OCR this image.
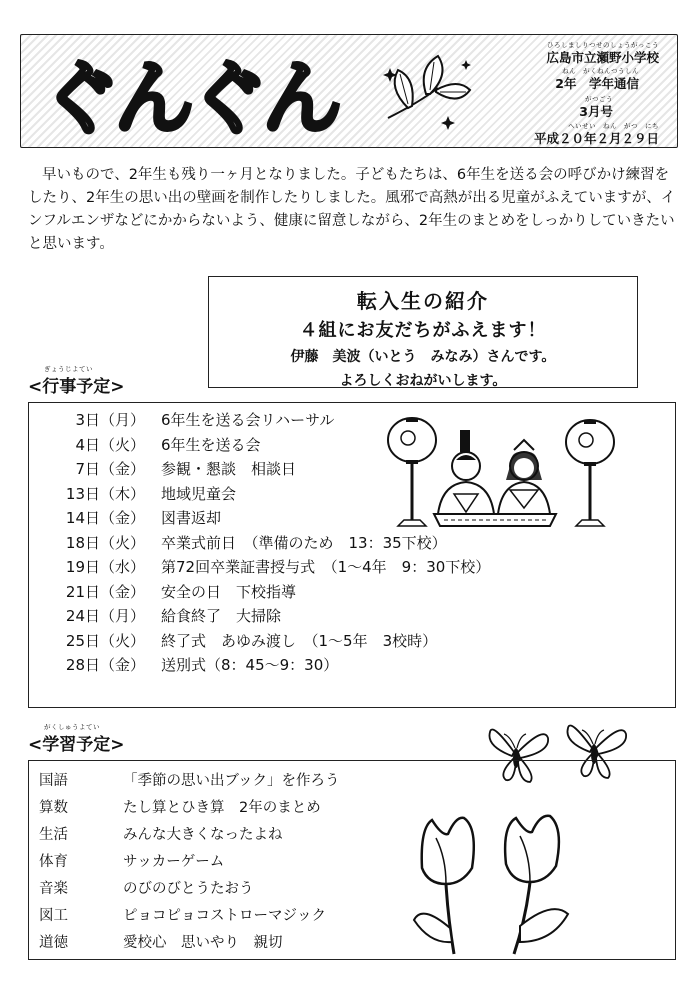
ぐんぐん
ひろしましりつせのしょうがっこう
広島市立瀬野小学校
ねん　がくねんつうしん
2年　学年通信
がつごう
3月号
へいせい　ねん　がつ　にち
平成２０年２月２９日

早いもので、2年生も残り一ヶ月となりました。子どもたちは、6年生を送る会の呼びかけ練習をしたり、2年生の思い出の壁画を制作したりしました。風邪で高熱が出る児童がふえていますが、インフルエンザなどにかからないよう、健康に留意しながら、2年生のまとめをしっかりしていきたいと思います。

転入生の紹介
４組にお友だちがふえます！
伊藤　美波（いとう　みなみ）さんです。
よろしくおねがいします。
ぎょうじよてい
<行事予定>
3日（月）	6年生を送る会リハーサル
4日（火）	6年生を送る会
7日（金）	参観・懇談　相談日
13日（木）	地域児童会
14日（金）	図書返却
18日（火）	卒業式前日　（準備のため　13：35下校）
19日（水）	第72回卒業証書授与式　（1～4年　9：30下校）
21日（金）	安全の日　下校指導
24日（月）	給食終了　大掃除
25日（火）	終了式　あゆみ渡し　（1～5年　3校時）
28日（金）	送別式（8：45～9：30）
がくしゅうよてい
<学習予定>
国語	「季節の思い出ブック」を作ろう
算数	たし算とひき算　2年のまとめ
生活	みんな大きくなったよね
体育	サッカーゲーム
音楽	のびのびとうたおう
図工	ピョコピョコストローマジック
道徳	愛校心　思いやり　親切
